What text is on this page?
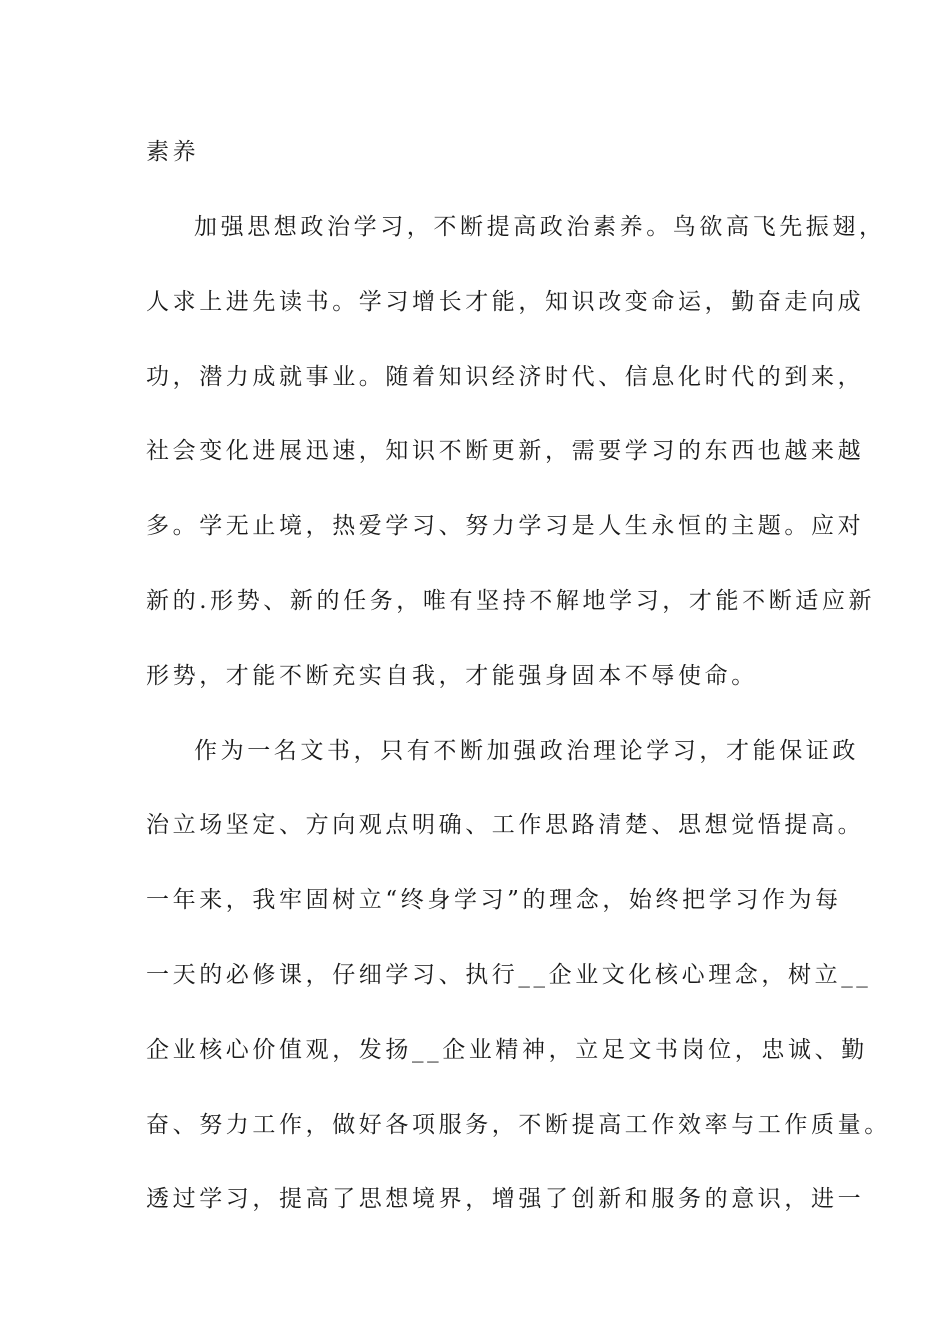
素养
加强思想政治学习，不断提高政治素养。鸟欲高飞先振翅，
人求上进先读书。学习增长才能，知识改变命运，勤奋走向成
功，潜力成就事业。随着知识经济时代、信息化时代的到来，
社会变化进展迅速，知识不断更新，需要学习的东西也越来越
多。学无止境，热爱学习、努力学习是人生永恒的主题。应对
新的.形势、新的任务，唯有坚持不解地学习，才能不断适应新
形势，才能不断充实自我，才能强身固本不辱使命。
作为一名文书，只有不断加强政治理论学习，才能保证政
治立场坚定、方向观点明确、工作思路清楚、思想觉悟提高。
一年来，我牢固树立“终身学习”的理念，始终把学习作为每
一天的必修课，仔细学习、执行__企业文化核心理念，树立__
企业核心价值观，发扬__企业精神，立足文书岗位，忠诚、勤
奋、努力工作，做好各项服务，不断提高工作效率与工作质量。
透过学习，提高了思想境界，增强了创新和服务的意识，进一
